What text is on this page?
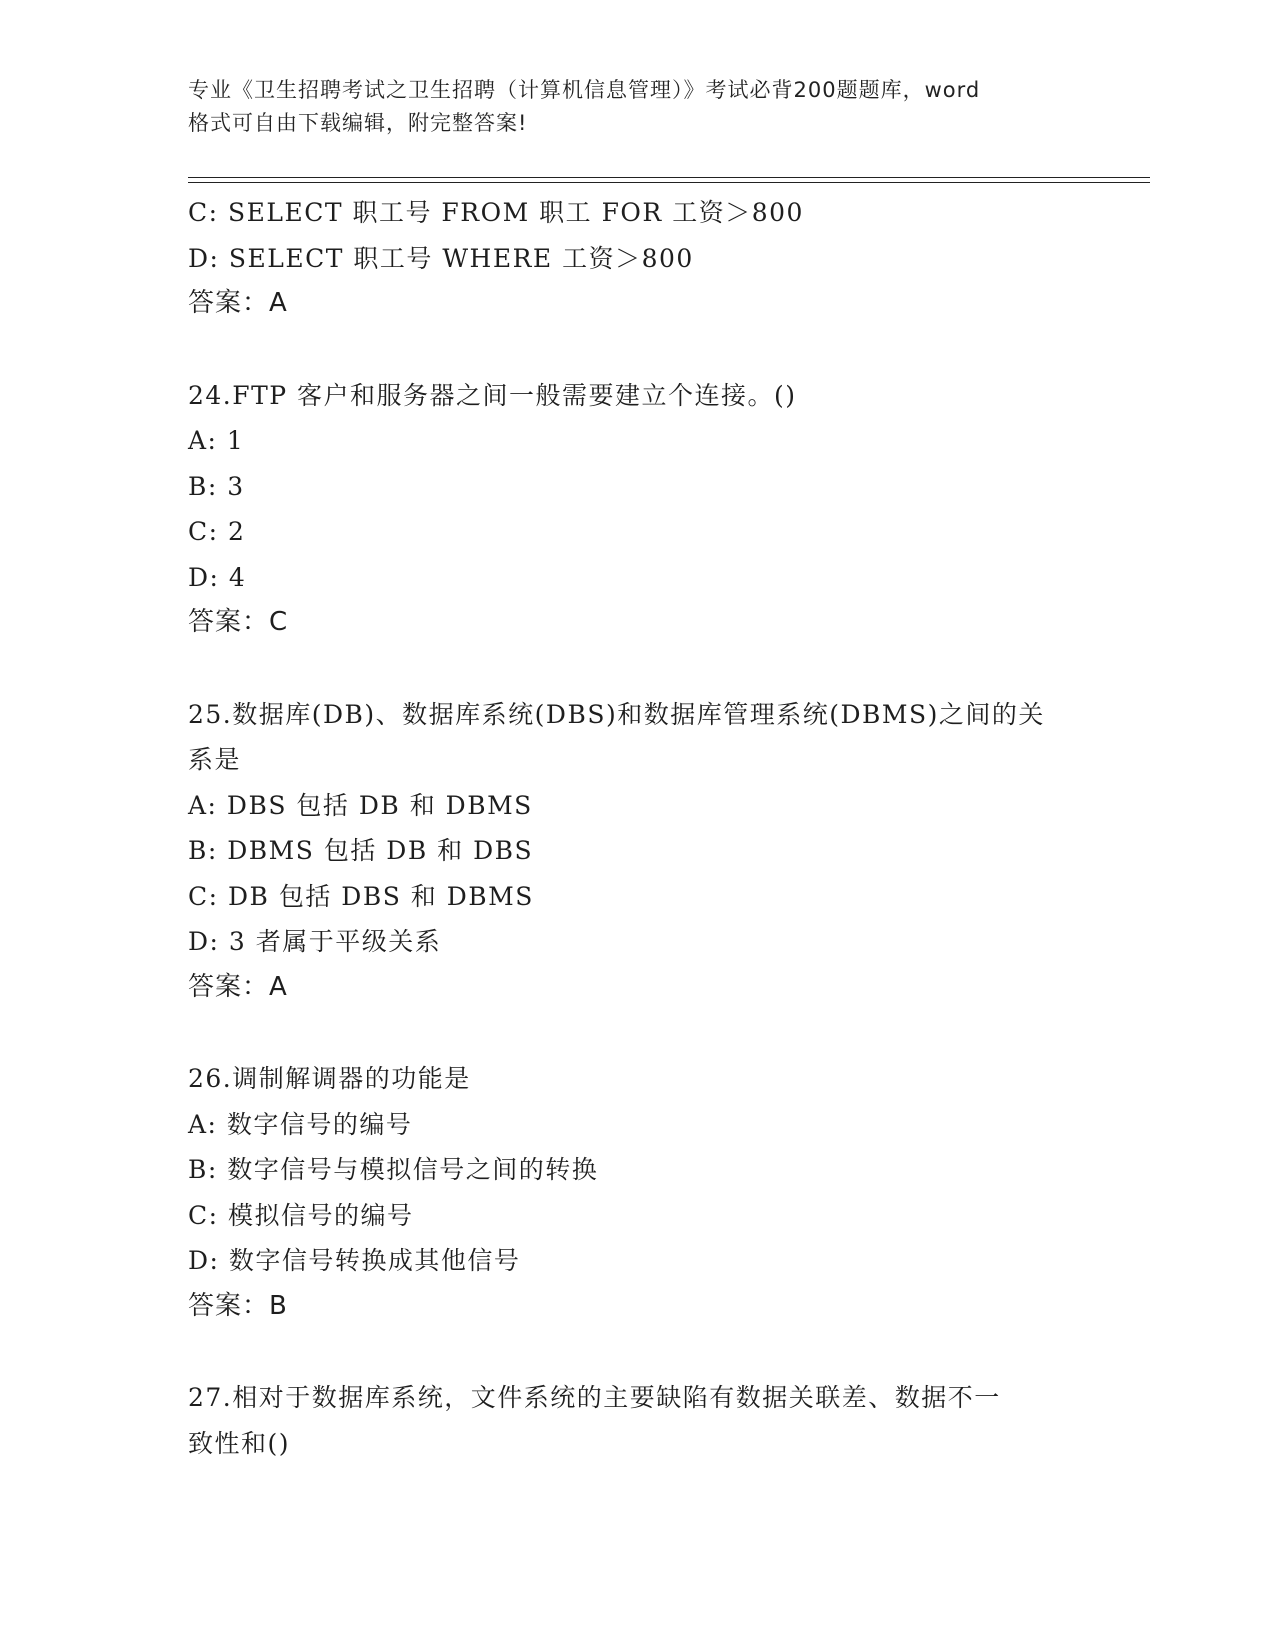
专业《卫生招聘考试之卫生招聘（计算机信息管理）》考试必背200题题库，word
格式可自由下载编辑，附完整答案!
C: SELECT 职工号 FROM 职工 FOR 工资＞800
D: SELECT 职工号 WHERE 工资＞800
答案：A
24.FTP 客户和服务器之间一般需要建立个连接。()
A: 1
B: 3
C: 2
D: 4
答案：C
25.数据库(DB)、数据库系统(DBS)和数据库管理系统(DBMS)之间的关
系是
A: DBS 包括 DB 和 DBMS
B: DBMS 包括 DB 和 DBS
C: DB 包括 DBS 和 DBMS
D: 3 者属于平级关系
答案：A
26.调制解调器的功能是
A: 数字信号的编号
B: 数字信号与模拟信号之间的转换
C: 模拟信号的编号
D: 数字信号转换成其他信号
答案：B
27.相对于数据库系统，文件系统的主要缺陷有数据关联差、数据不一
致性和()
